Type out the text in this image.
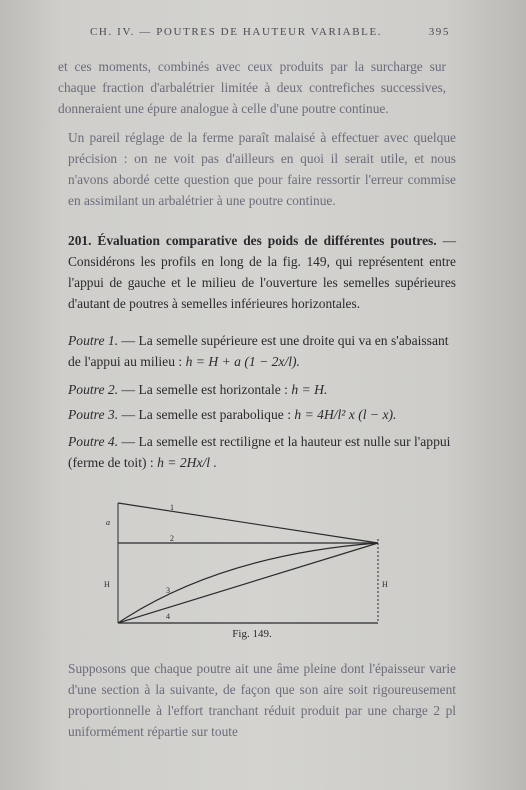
CH. IV. — POUTRES DE HAUTEUR VARIABLE.	395

et ces moments, combinés avec ceux produits par la surcharge sur chaque fraction d'arbalétrier limitée à deux contrefiches successives, donneraient une épure analogue à celle d'une poutre continue.

Un pareil réglage de la ferme paraît malaisé à effectuer avec quelque précision : on ne voit pas d'ailleurs en quoi il serait utile, et nous n'avons abordé cette question que pour faire ressortir l'erreur commise en assimilant un arbalétrier à une poutre continue.

201. Évaluation comparative des poids de différentes poutres. — Considérons les profils en long de la fig. 149, qui représentent entre l'appui de gauche et le milieu de l'ouverture les semelles supérieures d'autant de poutres à semelles inférieures horizontales.

Poutre 1. — La semelle supérieure est une droite qui va en s'abaissant de l'appui au milieu : h = H + a (1 − 2x/l).

Poutre 2. — La semelle est horizontale : h = H.

Poutre 3. — La semelle est parabolique : h = 4H/l² x (l − x).

Poutre 4. — La semelle est rectiligne et la hauteur est nulle sur l'appui (ferme de toit) : h = 2Hx/l .

1
2
3
4
a
H	H
Fig. 149.

Supposons que chaque poutre ait une âme pleine dont l'épaisseur varie d'une section à la suivante, de façon que son aire soit rigoureusement proportionnelle à l'effort tranchant réduit produit par une charge 2 pl uniformément répartie sur toute
